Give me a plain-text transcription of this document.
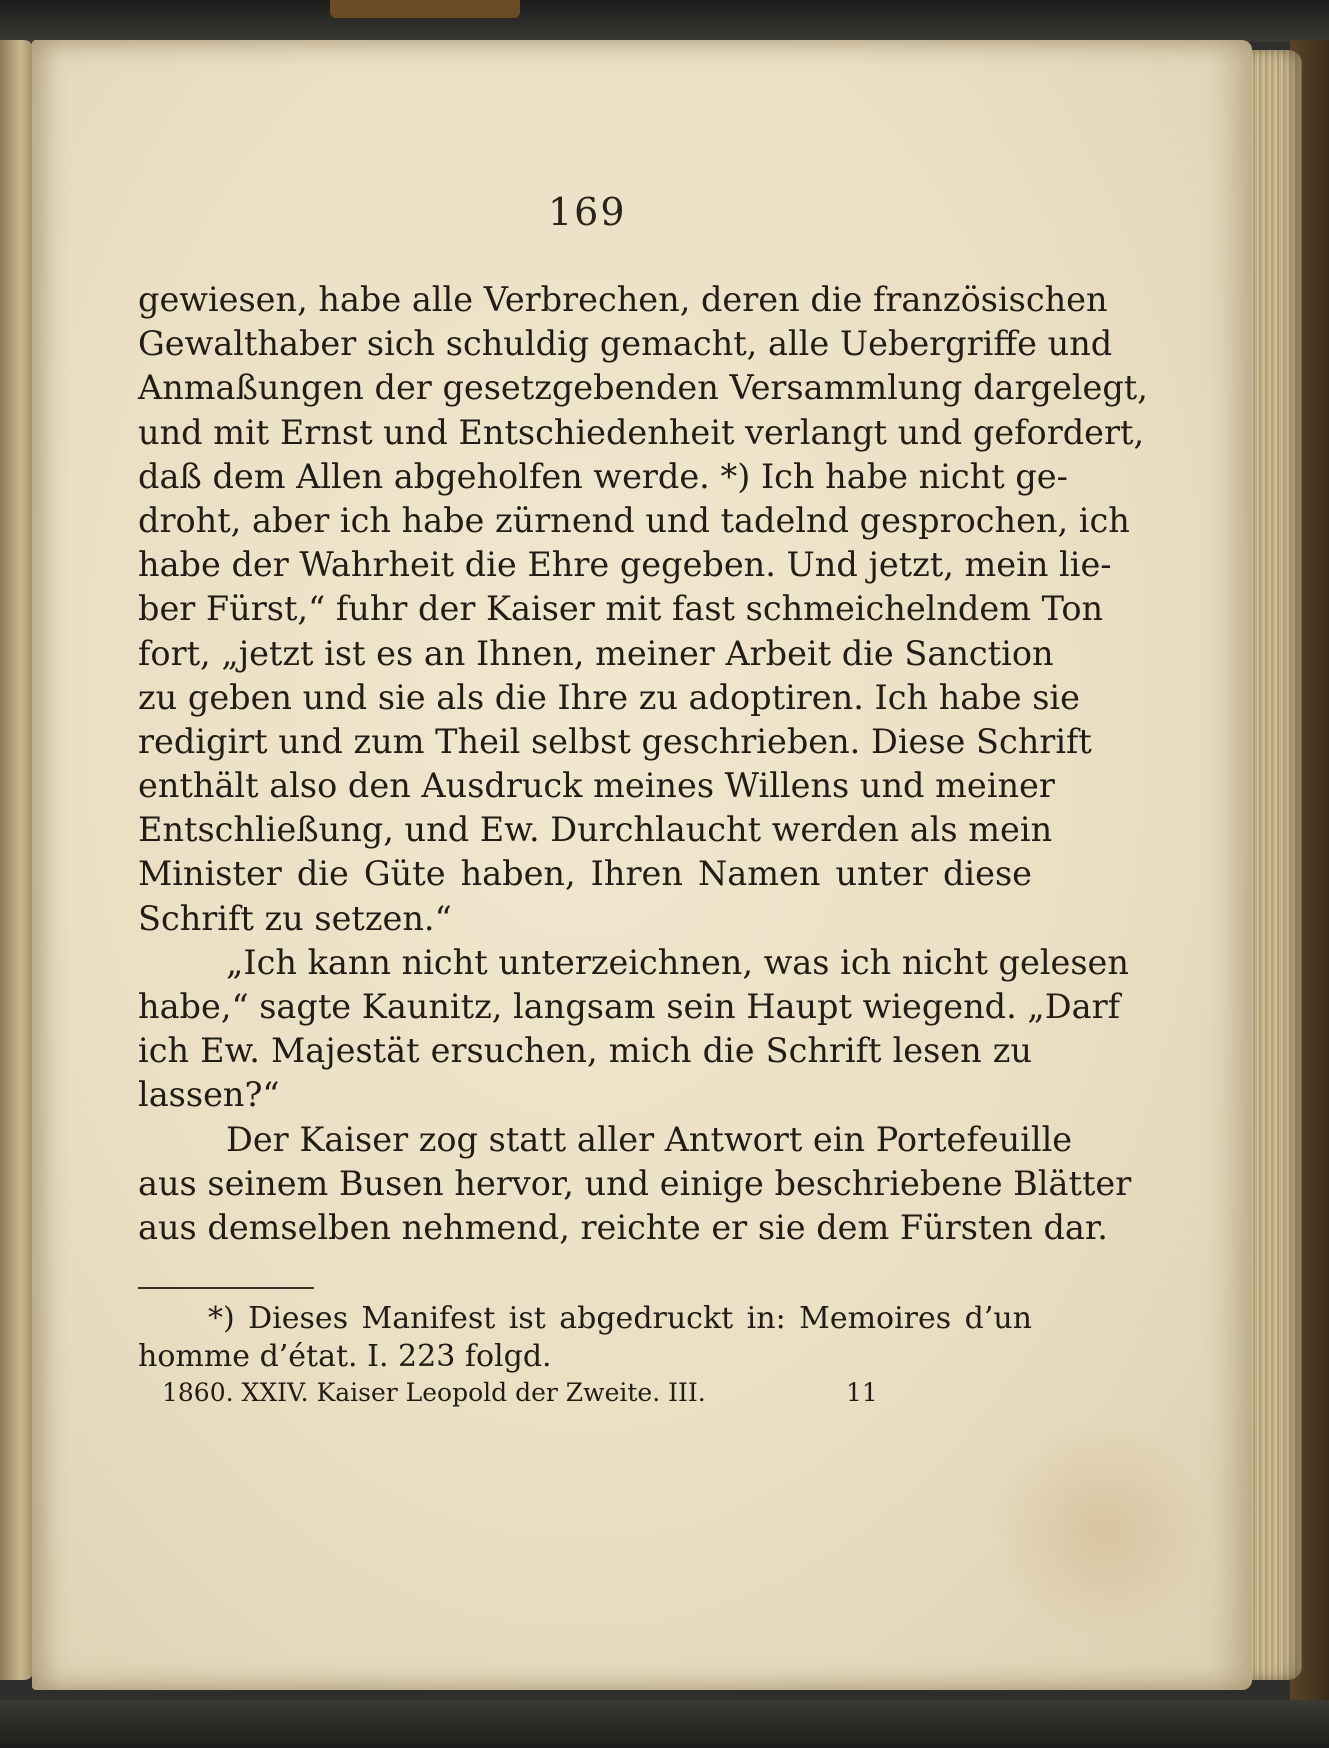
169
gewiesen, habe alle Verbrechen, deren die französischen
Gewalthaber sich schuldig gemacht, alle Uebergriffe und
Anmaßungen der gesetzgebenden Versammlung dargelegt,
und mit Ernst und Entschiedenheit verlangt und gefordert,
daß dem Allen abgeholfen werde. *) Ich habe nicht ge-
droht, aber ich habe zürnend und tadelnd gesprochen, ich
habe der Wahrheit die Ehre gegeben. Und jetzt, mein lie-
ber Fürst,“ fuhr der Kaiser mit fast schmeichelndem Ton
fort, „jetzt ist es an Ihnen, meiner Arbeit die Sanction
zu geben und sie als die Ihre zu adoptiren. Ich habe sie
redigirt und zum Theil selbst geschrieben. Diese Schrift
enthält also den Ausdruck meines Willens und meiner
Entschließung, und Ew. Durchlaucht werden als mein
Minister die Güte haben, Ihren Namen unter diese
Schrift zu setzen.“
„Ich kann nicht unterzeichnen, was ich nicht gelesen
habe,“ sagte Kaunitz, langsam sein Haupt wiegend. „Darf
ich Ew. Majestät ersuchen, mich die Schrift lesen zu
lassen?“
Der Kaiser zog statt aller Antwort ein Portefeuille
aus seinem Busen hervor, und einige beschriebene Blätter
aus demselben nehmend, reichte er sie dem Fürsten dar.
*) Dieses Manifest ist abgedruckt in: Memoires d’un
homme d’état. I. 223 folgd.
1860. XXIV. Kaiser Leopold der Zweite. III.	11
